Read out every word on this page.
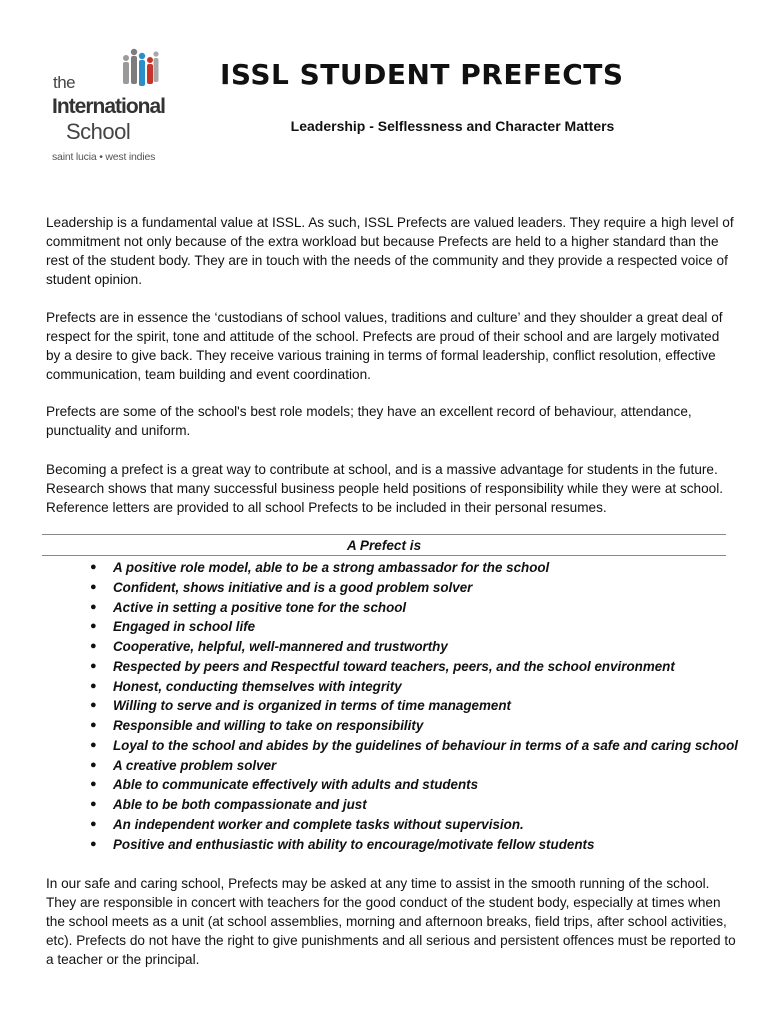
the
International
School
saint lucia • west indies
ISSL STUDENT PREFECTS

Leadership - Selflessness and Character Matters

Leadership is a fundamental value at ISSL. As such, ISSL Prefects are valued leaders. They require a high level of commitment not only because of the extra workload but because Prefects are held to a higher standard than the rest of the student body. They are in touch with the needs of the community and they provide a respected voice of student opinion.

Prefects are in essence the ‘custodians of school values, traditions and culture’ and they shoulder a great deal of respect for the spirit, tone and attitude of the school. Prefects are proud of their school and are largely motivated by a desire to give back. They receive various training in terms of formal leadership, conflict resolution, effective communication, team building and event coordination.

Prefects are some of the school's best role models; they have an excellent record of behaviour, attendance, punctuality and uniform.

Becoming a prefect is a great way to contribute at school, and is a massive advantage for students in the future. Research shows that many successful business people held positions of responsibility while they were at school. Reference letters are provided to all school Prefects to be included in their personal resumes.

A Prefect is

● A positive role model, able to be a strong ambassador for the school
● Confident, shows initiative and is a good problem solver
● Active in setting a positive tone for the school
● Engaged in school life
● Cooperative, helpful, well-mannered and trustworthy
● Respected by peers and Respectful toward teachers, peers, and the school environment
● Honest, conducting themselves with integrity
● Willing to serve and is organized in terms of time management
● Responsible and willing to take on responsibility
● Loyal to the school and abides by the guidelines of behaviour in terms of a safe and caring school
● A creative problem solver
● Able to communicate effectively with adults and students
● Able to be both compassionate and just
● An independent worker and complete tasks without supervision.
● Positive and enthusiastic with ability to encourage/motivate fellow students

In our safe and caring school, Prefects may be asked at any time to assist in the smooth running of the school. They are responsible in concert with teachers for the good conduct of the student body, especially at times when the school meets as a unit (at school assemblies, morning and afternoon breaks, field trips, after school activities, etc). Prefects do not have the right to give punishments and all serious and persistent offences must be reported to a teacher or the principal.
